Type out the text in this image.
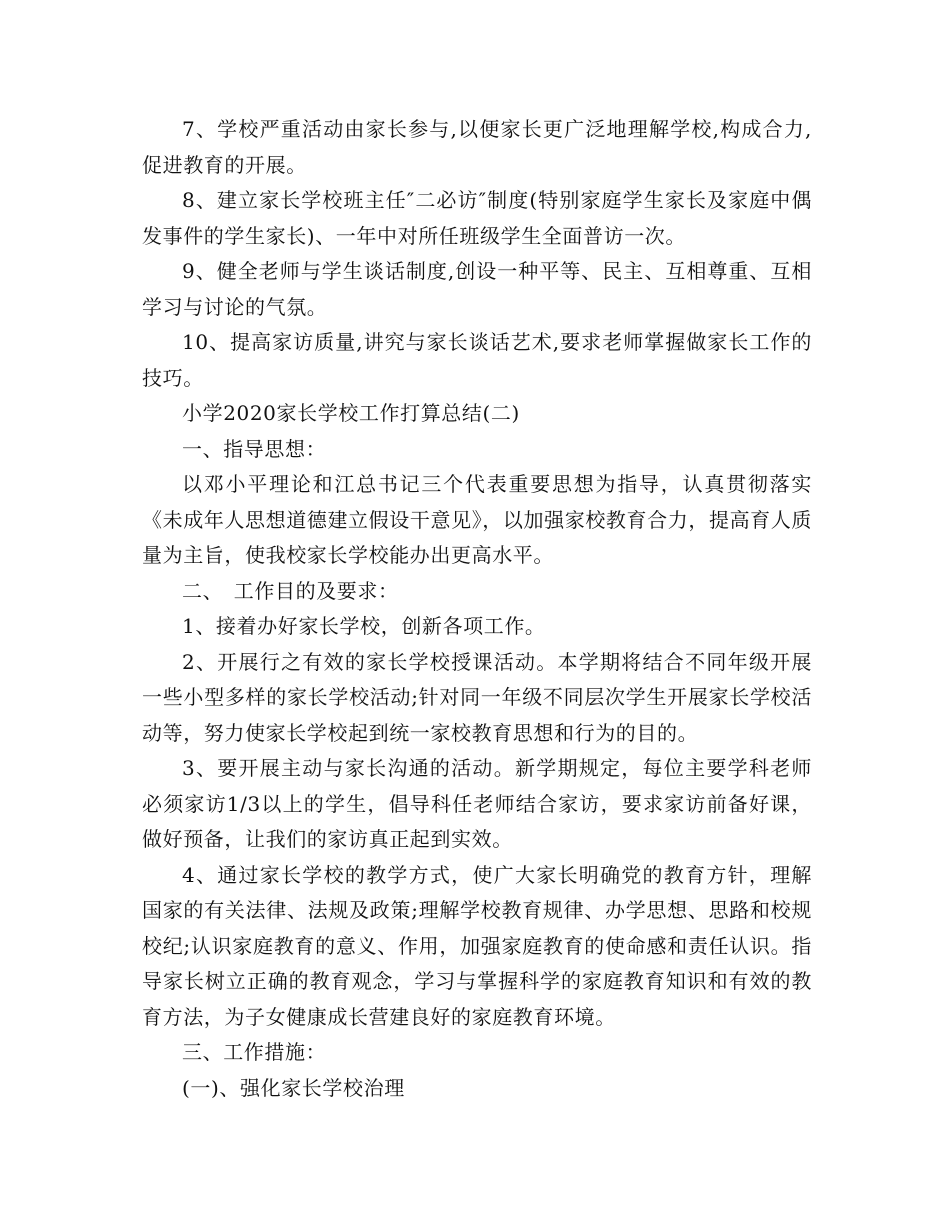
7、学校严重活动由家长参与,以便家长更广泛地理解学校,构成合力,促进教育的开展。

8、建立家长学校班主任″二必访″制度(特别家庭学生家长及家庭中偶发事件的学生家长)、一年中对所任班级学生全面普访一次。

9、健全老师与学生谈话制度,创设一种平等、民主、互相尊重、互相学习与讨论的气氛。

10、提高家访质量,讲究与家长谈话艺术,要求老师掌握做家长工作的技巧。

小学2020家长学校工作打算总结(二)

一、指导思想：

以邓小平理论和江总书记三个代表重要思想为指导，认真贯彻落实《未成年人思想道德建立假设干意见》，以加强家校教育合力，提高育人质量为主旨，使我校家长学校能办出更高水平。

二、　工作目的及要求：

1、接着办好家长学校，创新各项工作。

2、开展行之有效的家长学校授课活动。本学期将结合不同年级开展一些小型多样的家长学校活动;针对同一年级不同层次学生开展家长学校活动等，努力使家长学校起到统一家校教育思想和行为的目的。

3、要开展主动与家长沟通的活动。新学期规定，每位主要学科老师必须家访1/3以上的学生，倡导科任老师结合家访，要求家访前备好课，做好预备，让我们的家访真正起到实效。

4、通过家长学校的教学方式，使广大家长明确党的教育方针，理解国家的有关法律、法规及政策;理解学校教育规律、办学思想、思路和校规校纪;认识家庭教育的意义、作用，加强家庭教育的使命感和责任认识。指导家长树立正确的教育观念，学习与掌握科学的家庭教育知识和有效的教育方法，为子女健康成长营建良好的家庭教育环境。

三、工作措施：

(一)、强化家长学校治理
